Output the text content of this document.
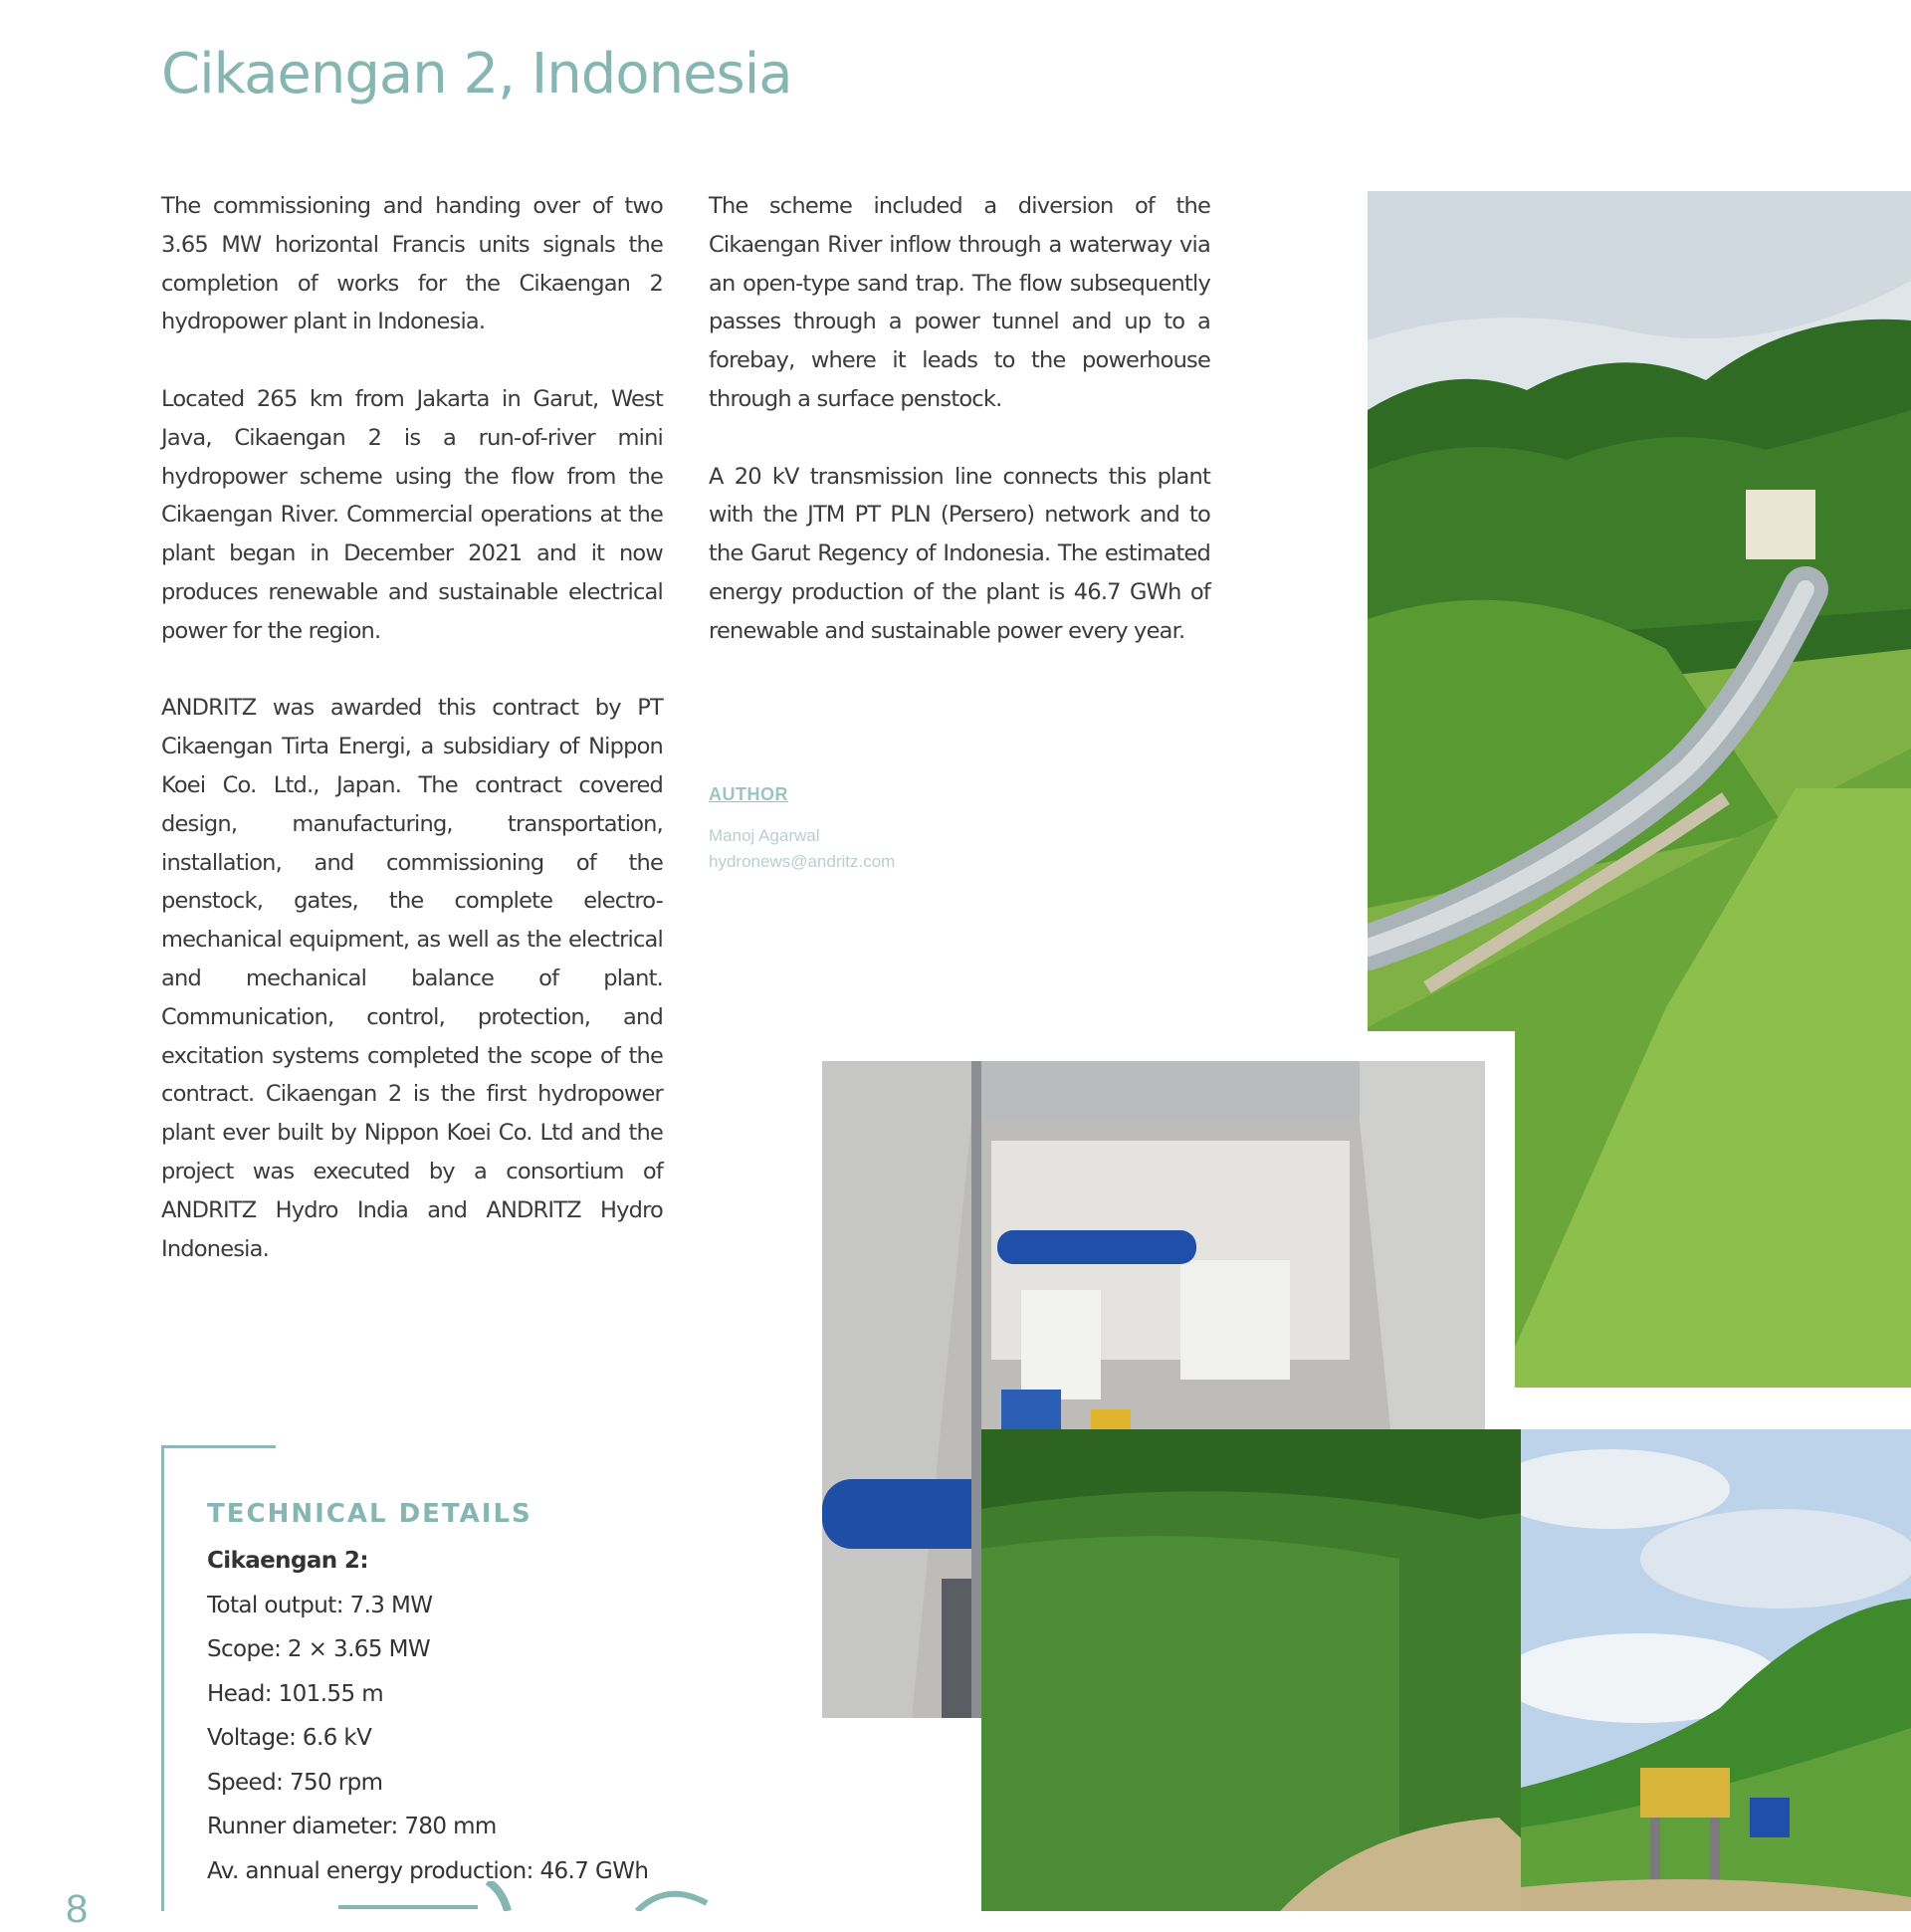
Cikaengan 2, Indonesia

The commissioning and handing over of two 3.65 MW horizontal Francis units signals the completion of works for the Cikaengan 2 hydropower plant in Indonesia.

Located 265 km from Jakarta in Garut, West Java, Cikaengan 2 is a run-of-river mini hydropower scheme using the flow from the Cikaengan River. Commercial operations at the plant began in December 2021 and it now produces renewable and sustainable electrical power for the region.

ANDRITZ was awarded this contract by PT Cikaengan Tirta Energi, a subsidiary of Nippon Koei Co. Ltd., Japan. The contract covered design, manufacturing, transportation, installation, and commissioning of the penstock, gates, the complete electro-mechanical equipment, as well as the electrical and mechanical balance of plant. Communication, control, protection, and excitation systems completed the scope of the contract. Cikaengan 2 is the first hydropower plant ever built by Nippon Koei Co. Ltd and the project was executed by a consortium of ANDRITZ Hydro India and ANDRITZ Hydro Indonesia.

The scheme included a diversion of the Cikaengan River inflow through a waterway via an open-type sand trap. The flow subsequently passes through a power tunnel and up to a forebay, where it leads to the powerhouse through a surface penstock.

A 20 kV transmission line connects this plant with the JTM PT PLN (Persero) network and to the Garut Regency of Indonesia. The estimated energy production of the plant is 46.7 GWh of renewable and sustainable power every year.

AUTHOR
Manoj Agarwal
hydronews@andritz.com
TECHNICAL DETAILS
Cikaengan 2:
Total output: 7.3 MW
Scope: 2 × 3.65 MW
Head: 101.55 m
Voltage: 6.6 kV
Speed: 750 rpm
Runner diameter: 780 mm
Av. annual energy production: 46.7 GWh
8
